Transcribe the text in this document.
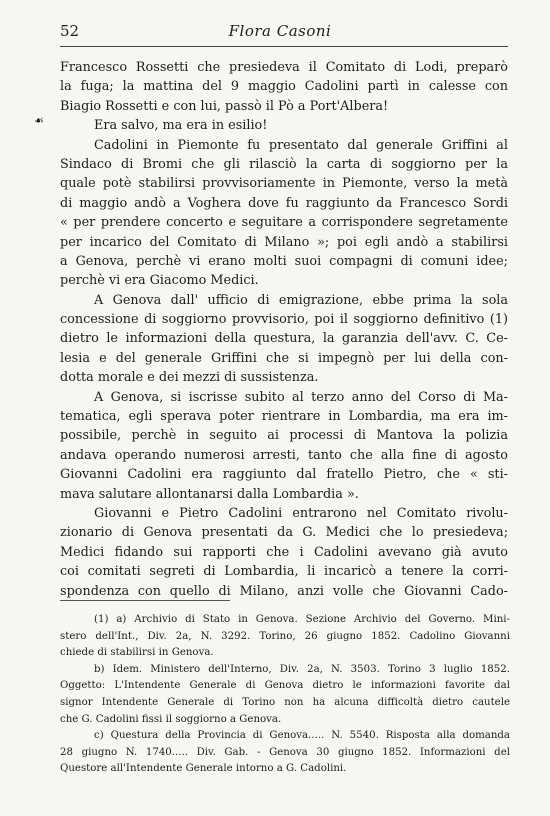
52	Flora Casoni
☙
Francesco Rossetti che presiedeva il Comitato di Lodi, preparò
la fuga; la mattina del 9 maggio Cadolini partì in calesse con
Biagio Rossetti e con lui, passò il Pò a Port'Albera!
Era salvo, ma era in esilio!
Cadolini in Piemonte fu presentato dal generale Griffini al
Sindaco di Bromi che gli rilasciò la carta di soggiorno per la
quale potè stabilirsi provvisoriamente in Piemonte, verso la metà
di maggio andò a Voghera dove fu raggiunto da Francesco Sordi
« per prendere concerto e seguitare a corrispondere segretamente
per incarico del Comitato di Milano »; poi egli andò a stabilirsi
a Genova, perchè vi erano molti suoi compagni di comuni idee;
perchè vi era Giacomo Medici.
A Genova dall' ufficio di emigrazione, ebbe prima la sola
concessione di soggiorno provvisorio, poi il soggiorno definitivo (1)
dietro le informazioni della questura, la garanzia dell'avv. C. Ce-
lesia e del generale Griffini che si impegnò per lui della con-
dotta morale e dei mezzi di sussistenza.
A Genova, si iscrisse subito al terzo anno del Corso di Ma-
tematica, egli sperava poter rientrare in Lombardia, ma era im-
possibile, perchè in seguito ai processi di Mantova la polizia
andava operando numerosi arresti, tanto che alla fine di agosto
Giovanni Cadolini era raggiunto dal fratello Pietro, che « sti-
mava salutare allontanarsi dalla Lombardia ».
Giovanni e Pietro Cadolini entrarono nel Comitato rivolu-
zionario di Genova presentati da G. Medici che lo presiedeva;
Medici fidando sui rapporti che i Cadolini avevano già avuto
coi comitati segreti di Lombardia, li incaricò a tenere la corri-
spondenza con quello di Milano, anzi volle che Giovanni Cado-
(1) a) Archivio di Stato in Genova. Sezione Archivio del Governo. Mini-
stero dell'Int., Div. 2a, N. 3292. Torino, 26 giugno 1852. Cadolino Giovanni
chiede di stabilirsi in Genova.
b) Idem. Ministero dell'Interno, Div. 2a, N. 3503. Torino 3 luglio 1852.
Oggetto: L'Intendente Generale di Genova dietro le informazioni favorite dal
signor Intendente Generale di Torino non ha alcuna difficoltà dietro cautele
che G. Cadolini fissi il soggiorno a Genova.
c) Questura della Provincia di Genova..... N. 5540. Risposta alla domanda
28 giugno N. 1740..... Div. Gab. - Genova 30 giugno 1852. Informazioni del
Questore all'Intendente Generale intorno a G. Cadolini.
